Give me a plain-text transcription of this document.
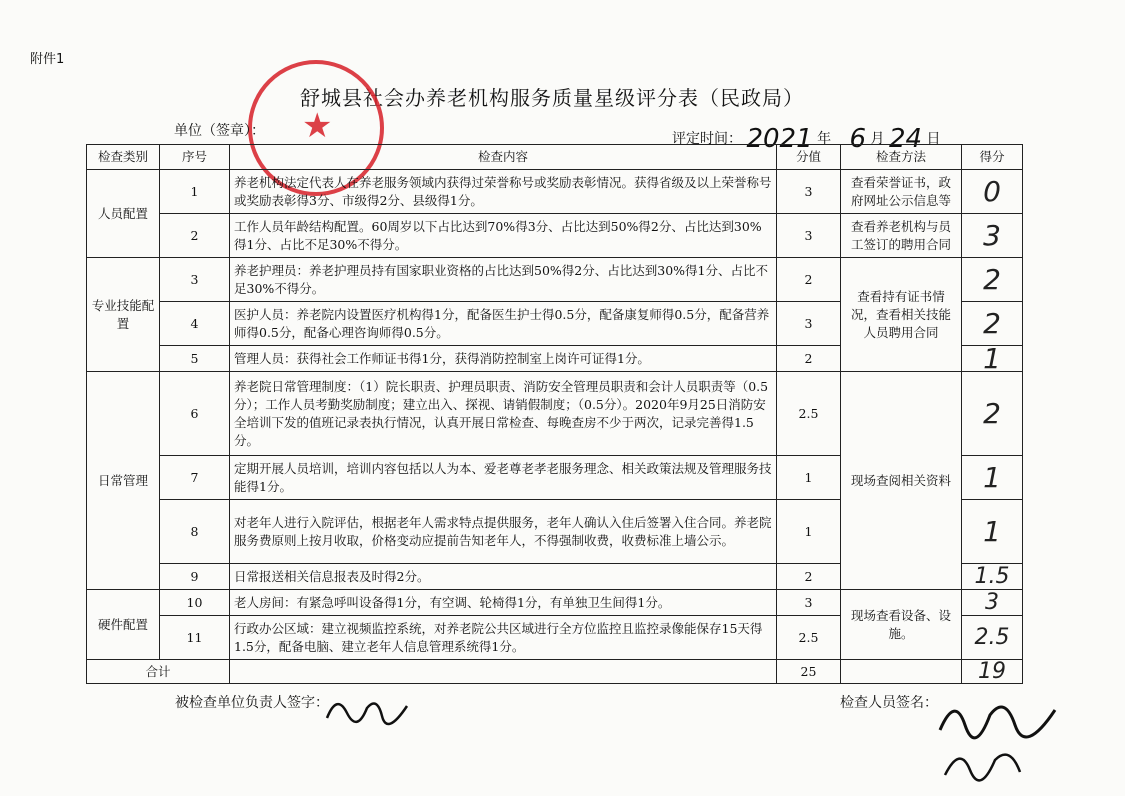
附件1
舒城县社会办养老机构服务质量星级评分表（民政局）
★
单位（签章）：	评定时间： 2021 年 6 月 24 日
检查类别	序号	检查内容	分值	检查方法	得分
人员配置	1	养老机构法定代表人在养老服务领域内获得过荣誉称号或奖励表彰情况。获得省级及以上荣誉称号或奖励表彰得3分、市级得2分、县级得1分。	3	查看荣誉证书，政府网址公示信息等	0
	2	工作人员年龄结构配置。60周岁以下占比达到70%得3分、占比达到50%得2分、占比达到30%得1分、占比不足30%不得分。	3	查看养老机构与员工签订的聘用合同	3
专业技能配置	3	养老护理员：养老护理员持有国家职业资格的占比达到50%得2分、占比达到30%得1分、占比不足30%不得分。	2	查看持有证书情况，查看相关技能人员聘用合同	2
	4	医护人员：养老院内设置医疗机构得1分，配备医生护士得0.5分，配备康复师得0.5分，配备营养师得0.5分，配备心理咨询师得0.5分。	3		2
	5	管理人员：获得社会工作师证书得1分，获得消防控制室上岗许可证得1分。	2		1
日常管理	6	养老院日常管理制度：（1）院长职责、护理员职责、消防安全管理员职责和会计人员职责等（0.5分）；工作人员考勤奖励制度；建立出入、探视、请销假制度；（0.5分）。2020年9月25日消防安全培训下发的值班记录表执行情况，认真开展日常检查、每晚查房不少于两次，记录完善得1.5分。	2.5	现场查阅相关资料	2
	7	定期开展人员培训，培训内容包括以人为本、爱老尊老孝老服务理念、相关政策法规及管理服务技能得1分。	1		1
	8	对老年人进行入院评估，根据老年人需求特点提供服务，老年人确认入住后签署入住合同。养老院服务费原则上按月收取，价格变动应提前告知老年人，不得强制收费，收费标准上墙公示。	1		1
	9	日常报送相关信息报表及时得2分。	2		1.5
硬件配置	10	老人房间：有紧急呼叫设备得1分，有空调、轮椅得1分，有单独卫生间得1分。	3	现场查看设备、设施。	3
	11	行政办公区域：建立视频监控系统，对养老院公共区域进行全方位监控且监控录像能保存15天得1.5分，配备电脑、建立老年人信息管理系统得1分。	2.5		2.5
合计			25		19
被检查单位负责人签字：	检查人员签名：
